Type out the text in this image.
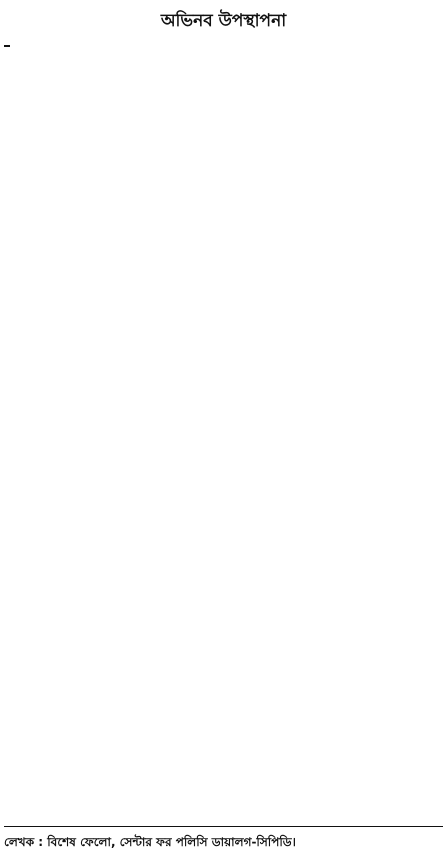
অভিনব উপস্থাপনা

লেখক : বিশেষ ফেলো, সেন্টার ফর পলিসি ডায়ালগ-সিপিডি।
